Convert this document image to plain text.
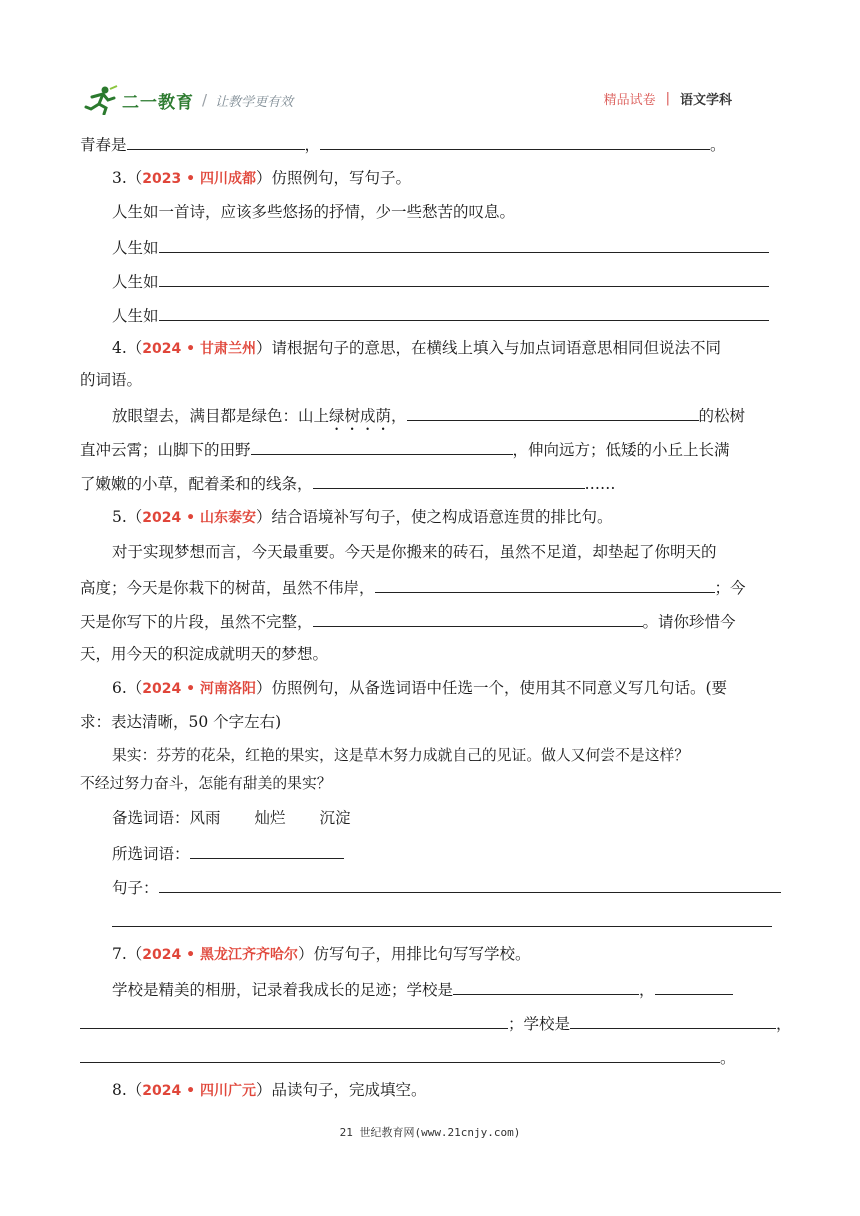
二一教育 / 让教学更有效	精品试卷 | 语文学科
青春是	，	。
3.（2023 • 四川成都）仿照例句，写句子。
人生如一首诗，应该多些悠扬的抒情，少一些愁苦的叹息。
人生如
人生如
人生如
4.（2024 • 甘肃兰州）请根据句子的意思，在横线上填入与加点词语意思相同但说法不同
的词语。
放眼望去，满目都是绿色：山上绿树成荫，	的松树
直冲云霄；山脚下的田野	，伸向远方；低矮的小丘上长满
了嫩嫩的小草，配着柔和的线条，	……
5.（2024 • 山东泰安）结合语境补写句子，使之构成语意连贯的排比句。
对于实现梦想而言，今天最重要。今天是你搬来的砖石，虽然不足道，却垫起了你明天的
高度；今天是你栽下的树苗，虽然不伟岸，	；今
天是你写下的片段，虽然不完整，	。请你珍惜今
天，用今天的积淀成就明天的梦想。
6.（2024 • 河南洛阳）仿照例句，从备选词语中任选一个，使用其不同意义写几句话。(要
求：表达清晰，50 个字左右)
果实：芬芳的花朵，红艳的果实，这是草木努力成就自己的见证。做人又何尝不是这样？
不经过努力奋斗，怎能有甜美的果实？
备选词语：风雨 灿烂 沉淀
所选词语：
句子：
7.（2024 • 黑龙江齐齐哈尔）仿写句子，用排比句写写学校。
学校是精美的相册，记录着我成长的足迹；学校是	，
；学校是	，
。
8.（2024 • 四川广元）品读句子，完成填空。
21 世纪教育网(www.21cnjy.com)
